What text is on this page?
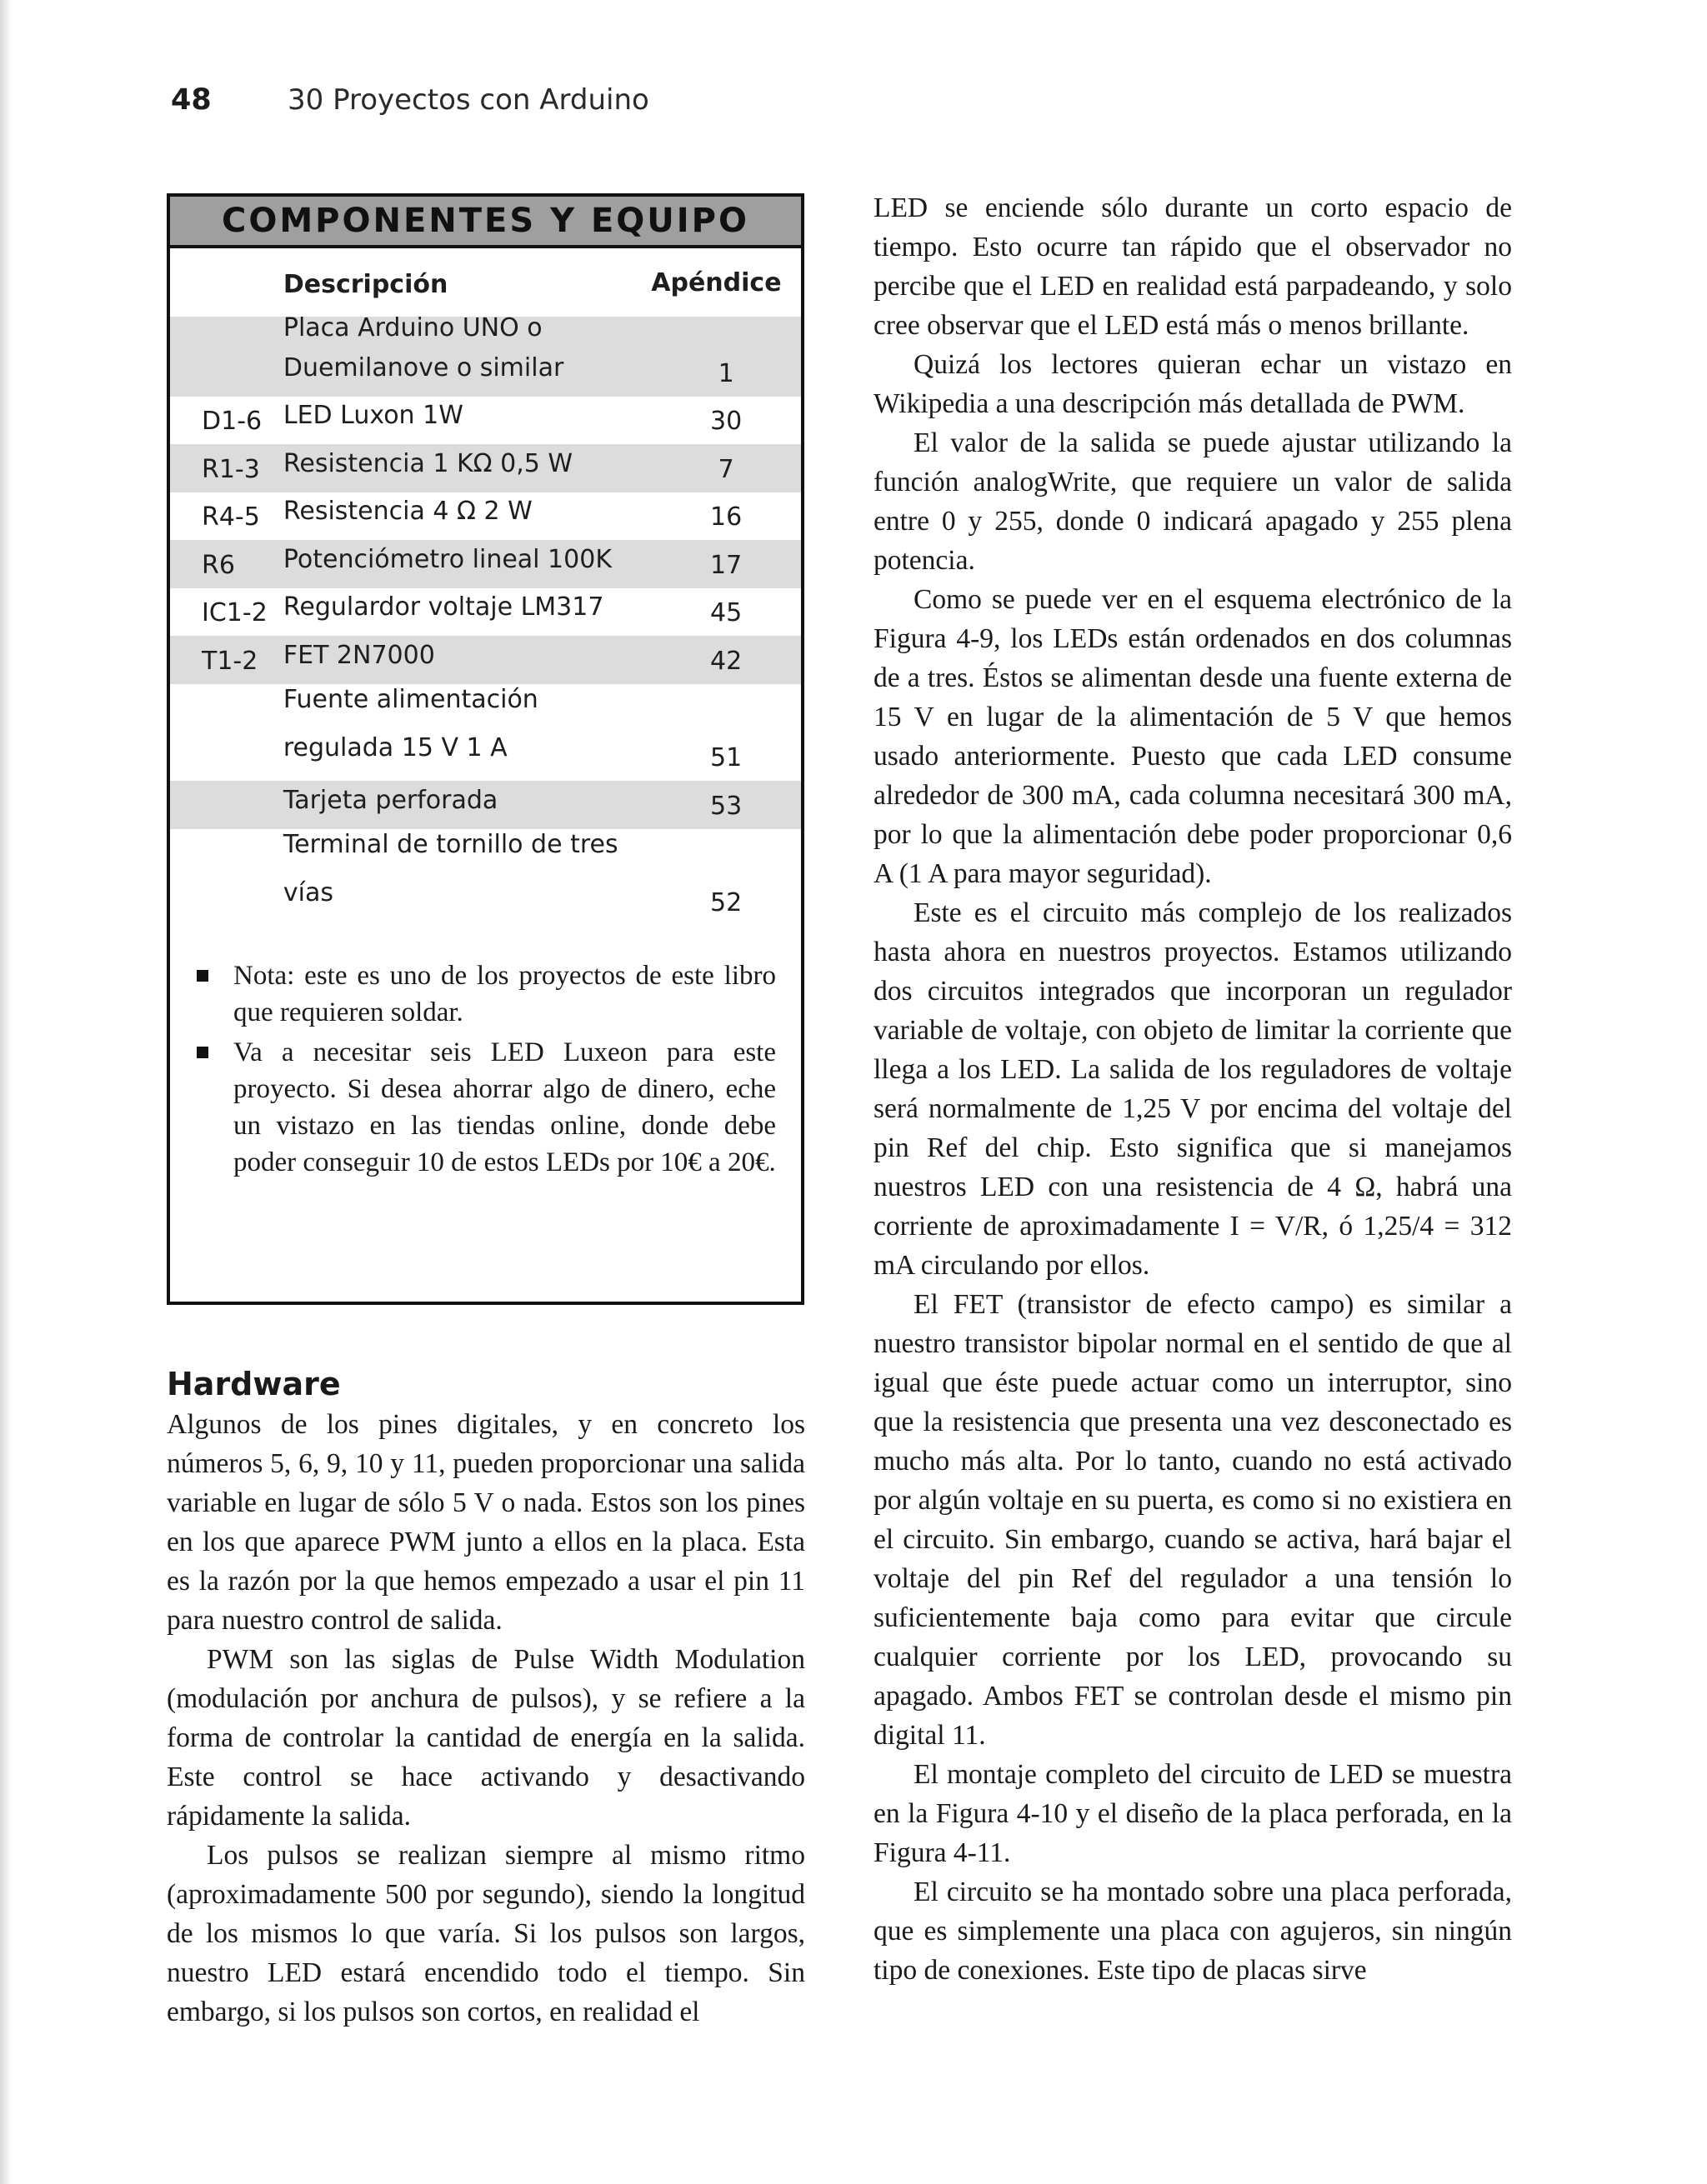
48	30 Proyectos con Arduino
COMPONENTES Y EQUIPO
Descripción	Apéndice
Placa Arduino UNO o Duemilanove o similar	1
D1-6 LED Luxon 1W	30
R1-3 Resistencia 1 KΩ 0,5 W	7
R4-5 Resistencia 4 Ω 2 W	16
R6	Potenciómetro lineal 100K	17
IC1-2 Regulardor voltaje LM317	45
T1-2	FET 2N7000	42
Fuente alimentación regulada 15 V 1 A	51
Tarjeta perforada	53
Terminal de tornillo de tres vías	52
Nota: este es uno de los proyectos de este libro que requieren soldar.
Va a necesitar seis LED Luxeon para este proyecto. Si desea ahorrar algo de dinero, eche un vistazo en las tiendas online, donde debe poder conseguir 10 de estos LEDs por 10€ a 20€.
Hardware

Algunos de los pines digitales, y en concreto los números 5, 6, 9, 10 y 11, pueden proporcionar una salida variable en lugar de sólo 5 V o nada. Estos son los pines en los que aparece PWM junto a ellos en la placa. Esta es la razón por la que hemos empezado a usar el pin 11 para nuestro control de salida.

PWM son las siglas de Pulse Width Modulation (modulación por anchura de pulsos), y se refiere a la forma de controlar la cantidad de energía en la salida. Este control se hace activando y desactivando rápidamente la salida.

Los pulsos se realizan siempre al mismo ritmo (aproximadamente 500 por segundo), siendo la longitud de los mismos lo que varía. Si los pulsos son largos, nuestro LED estará encendido todo el tiempo. Sin embargo, si los pulsos son cortos, en realidad el

LED se enciende sólo durante un corto espacio de tiempo. Esto ocurre tan rápido que el observador no percibe que el LED en realidad está parpadeando, y solo cree observar que el LED está más o menos brillante.

Quizá los lectores quieran echar un vistazo en Wikipedia a una descripción más detallada de PWM.

El valor de la salida se puede ajustar utilizando la función analogWrite, que requiere un valor de salida entre 0 y 255, donde 0 indicará apagado y 255 plena potencia.

Como se puede ver en el esquema electrónico de la Figura 4-9, los LEDs están ordenados en dos columnas de a tres. Éstos se alimentan desde una fuente externa de 15 V en lugar de la alimentación de 5 V que hemos usado anteriormente. Puesto que cada LED consume alrededor de 300 mA, cada columna necesitará 300 mA, por lo que la alimentación debe poder proporcionar 0,6 A (1 A para mayor seguridad).

Este es el circuito más complejo de los realizados hasta ahora en nuestros proyectos. Estamos utilizando dos circuitos integrados que incorporan un regulador variable de voltaje, con objeto de limitar la corriente que llega a los LED. La salida de los reguladores de voltaje será normalmente de 1,25 V por encima del voltaje del pin Ref del chip. Esto significa que si manejamos nuestros LED con una resistencia de 4 Ω, habrá una corriente de aproximadamente I = V/R, ó 1,25/4 = 312 mA circulando por ellos.

El FET (transistor de efecto campo) es similar a nuestro transistor bipolar normal en el sentido de que al igual que éste puede actuar como un interruptor, sino que la resistencia que presenta una vez desconectado es mucho más alta. Por lo tanto, cuando no está activado por algún voltaje en su puerta, es como si no existiera en el circuito. Sin embargo, cuando se activa, hará bajar el voltaje del pin Ref del regulador a una tensión lo suficientemente baja como para evitar que circule cualquier corriente por los LED, provocando su apagado. Ambos FET se controlan desde el mismo pin digital 11.

El montaje completo del circuito de LED se muestra en la Figura 4-10 y el diseño de la placa perforada, en la Figura 4-11.

El circuito se ha montado sobre una placa perforada, que es simplemente una placa con agujeros, sin ningún tipo de conexiones. Este tipo de placas sirve
